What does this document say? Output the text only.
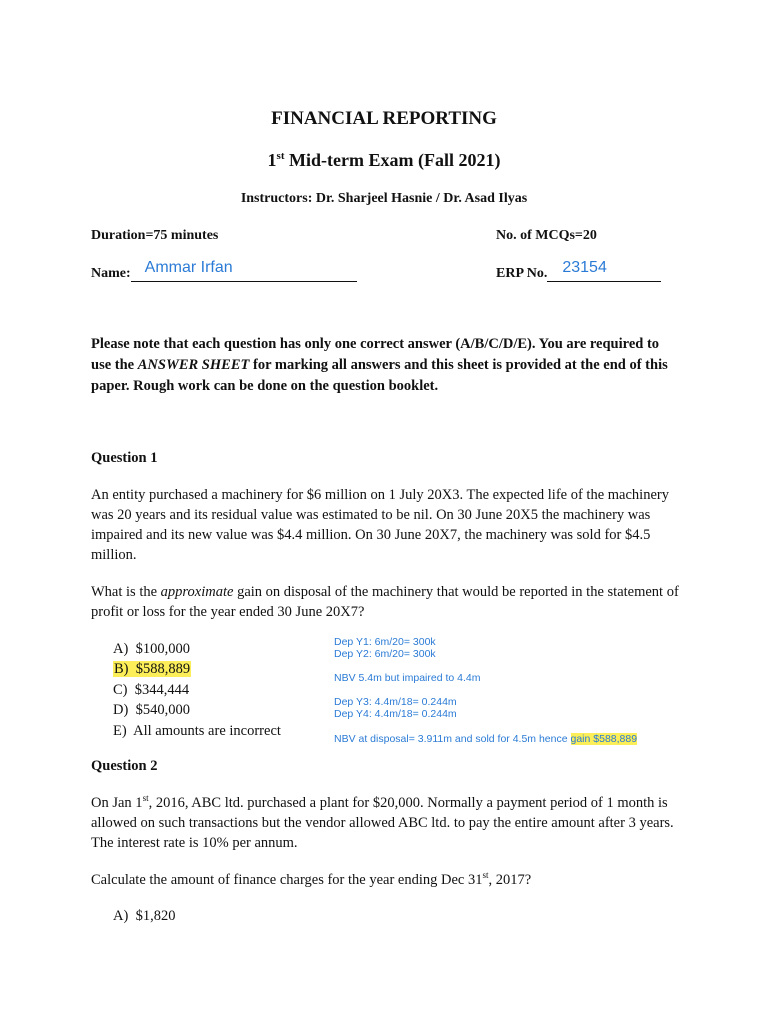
FINANCIAL REPORTING
1st Mid-term Exam (Fall 2021)
Instructors: Dr. Sharjeel Hasnie / Dr. Asad Ilyas
Duration=75 minutes	No. of MCQs=20
Name: Ammar Irfan	ERP No. 23154
Please note that each question has only one correct answer (A/B/C/D/E). You are required to use the ANSWER SHEET for marking all answers and this sheet is provided at the end of this paper. Rough work can be done on the question booklet.
Question 1
An entity purchased a machinery for $6 million on 1 July 20X3. The expected life of the machinery was 20 years and its residual value was estimated to be nil. On 30 June 20X5 the machinery was impaired and its new value was $4.4 million. On 30 June 20X7, the machinery was sold for $4.5 million.
What is the approximate gain on disposal of the machinery that would be reported in the statement of profit or loss for the year ended 30 June 20X7?
A) $100,000
B) $588,889
C) $344,444
D) $540,000
E) All amounts are incorrect
Dep Y1: 6m/20= 300k
Dep Y2: 6m/20= 300k
NBV 5.4m but impaired to 4.4m
Dep Y3: 4.4m/18= 0.244m
Dep Y4: 4.4m/18= 0.244m
NBV at disposal= 3.911m and sold for 4.5m hence gain $588,889
Question 2
On Jan 1st, 2016, ABC ltd. purchased a plant for $20,000. Normally a payment period of 1 month is allowed on such transactions but the vendor allowed ABC ltd. to pay the entire amount after 3 years. The interest rate is 10% per annum.
Calculate the amount of finance charges for the year ending Dec 31st, 2017?
A) $1,820
